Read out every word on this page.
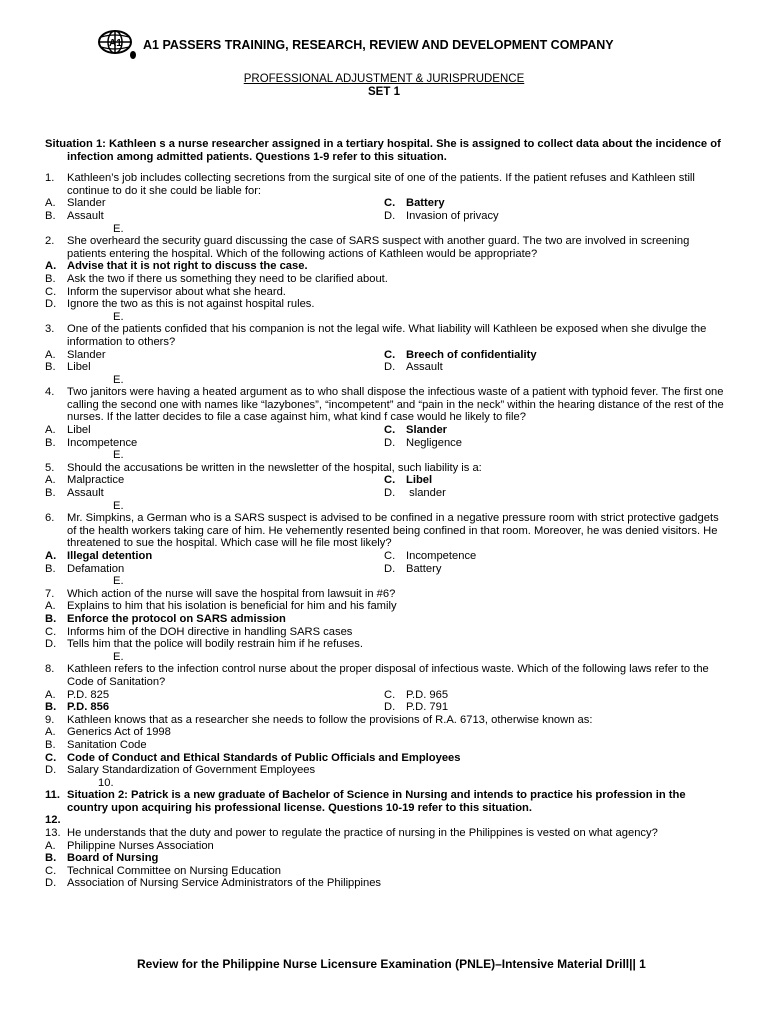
A1 A1 PASSERS TRAINING, RESEARCH, REVIEW AND DEVELOPMENT COMPANY
PROFESSIONAL ADJUSTMENT & JURISPRUDENCE
SET 1
Situation 1: Kathleen s a nurse researcher assigned in a tertiary hospital. She is assigned to collect data about the incidence of infection among admitted patients. Questions 1-9 refer to this situation.
1.	Kathleen’s job includes collecting secretions from the surgical site of one of the patients. If the patient refuses and Kathleen still continue to do it she could be liable for:
A.	Slander	C. Battery
B.	Assault	D. Invasion of privacy
E.
2.	She overheard the security guard discussing the case of SARS suspect with another guard. The two are involved in screening patients entering the hospital. Which of the following actions of Kathleen would be appropriate?
A. Advise that it is not right to discuss the case.
B.	Ask the two if there us something they need to be clarified about.
C. Inform the supervisor about what she heard.
D. Ignore the two as this is not against hospital rules.
E.
3.	One of the patients confided that his companion is not the legal wife. What liability will Kathleen be exposed when she divulge the information to others?
A.	Slander	C. Breech of confidentiality
B.	Libel	D. Assault
E.
4.	Two janitors were having a heated argument as to who shall dispose the infectious waste of a patient with typhoid fever. The first one calling the second one with names like “lazybones”, “incompetent” and “pain in the neck” within the hearing distance of the rest of the nurses. If the latter decides to file a case against him, what kind f case would he likely to file?
A.	Libel	C. Slander
B.	Incompetence	D. Negligence
E.
5.	Should the accusations be written in the newsletter of the hospital, such liability is a:
A.	Malpractice	C. Libel
B.	Assault	D. slander
E.
6.	Mr. Simpkins, a German who is a SARS suspect is advised to be confined in a negative pressure room with strict protective gadgets of the health workers taking care of him. He vehemently resented being confined in that room. Moreover, he was denied visitors. He threatened to sue the hospital. Which case will he file most likely?
A. Illegal detention	C. Incompetence
B.	Defamation	D. Battery
E.
7.	Which action of the nurse will save the hospital from lawsuit in #6?
A.	Explains to him that his isolation is beneficial for him and his family
B. Enforce the protocol on SARS admission
C. Informs him of the DOH directive in handling SARS cases
D. Tells him that the police will bodily restrain him if he refuses.
E.
8.	Kathleen refers to the infection control nurse about the proper disposal of infectious waste. Which of the following laws refer to the Code of Sanitation?
A.	P.D. 825	C. P.D. 965
B. P.D. 856	D. P.D. 791
9.	Kathleen knows that as a researcher she needs to follow the provisions of R.A. 6713, otherwise known as:
A.	Generics Act of 1998
B.	Sanitation Code
C. Code of Conduct and Ethical Standards of Public Officials and Employees
D. Salary Standardization of Government Employees
10.
11. Situation 2: Patrick is a new graduate of Bachelor of Science in Nursing and intends to practice his profession in the country upon acquiring his professional license. Questions 10-19 refer to this situation.
12.
13. He understands that the duty and power to regulate the practice of nursing in the Philippines is vested on what agency?
A.	Philippine Nurses Association
B. Board of Nursing
C. Technical Committee on Nursing Education
D. Association of Nursing Service Administrators of the Philippines
Review for the Philippine Nurse Licensure Examination (PNLE)–Intensive Material Drill|| 1
